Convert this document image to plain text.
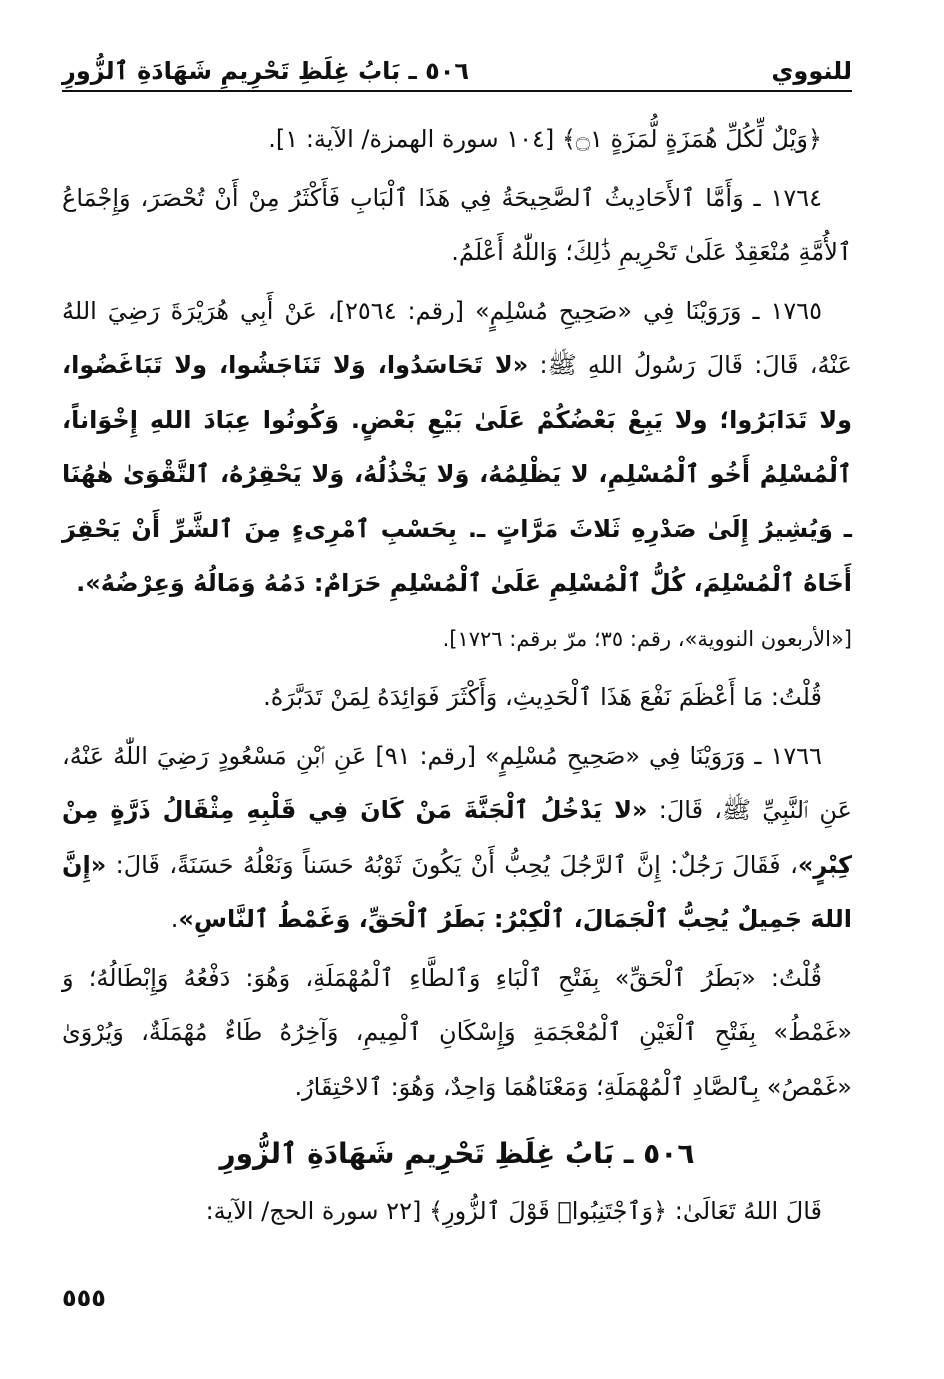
للنووي
٥٠٦ ـ بَابُ غِلَظِ تَحْرِيمِ شَهَادَةِ ٱلزُّورِ

﴿وَيْلٌ لِّكُلِّ هُمَزَةٍ لُّمَزَةٍ ۝١﴾ [١٠٤ سورة الهمزة/ الآية: ١].

١٧٦٤ ـ وَأَمَّا ٱلأَحَادِيثُ ٱلصَّحِيحَةُ فِي هَذَا ٱلْبَابِ فَأَكْثَرُ مِنْ أَنْ تُحْصَرَ، وَإِجْمَاعُ ٱلأُمَّةِ مُنْعَقِدٌ عَلَىٰ تَحْرِيمِ ذَٰلِكَ؛ وَاللّٰهُ أَعْلَمُ.

١٧٦٥ ـ وَرَوَيْنَا فِي «صَحِيحِ مُسْلِمٍ» [رقم: ٢٥٦٤]، عَنْ أَبِي هُرَيْرَةَ رَضِيَ اللهُ عَنْهُ، قَالَ: قَالَ رَسُولُ اللهِ ﷺ: «لا تَحَاسَدُوا، وَلا تَنَاجَشُوا، ولا تَبَاغَضُوا، ولا تَدَابَرُوا؛ ولا يَبِعْ بَعْضُكُمْ عَلَىٰ بَيْعِ بَعْضٍ. وَكُونُوا عِبَادَ اللهِ إِخْوَاناً، ٱلْمُسْلِمُ أَخُو ٱلْمُسْلِمِ، لا يَظْلِمُهُ، وَلا يَخْذُلُهُ، وَلا يَحْقِرُهُ، ٱلتَّقْوَىٰ هٰهُنَا ـ وَيُشِيرُ إِلَىٰ صَدْرِهِ ثَلاثَ مَرَّاتٍ ـ. بِحَسْبِ ٱمْرِىءٍ مِنَ ٱلشَّرِّ أَنْ يَحْقِرَ أَخَاهُ ٱلْمُسْلِمَ، كُلُّ ٱلْمُسْلِمِ عَلَىٰ ٱلْمُسْلِمِ حَرَامٌ: دَمُهُ وَمَالُهُ وَعِرْضُهُ».
[«الأربعون النووية»، رقم: ٣٥؛ مرّ برقم: ١٧٢٦].

قُلْتُ: مَا أَعْظَمَ نَفْعَ هَذَا ٱلْحَدِيثِ، وَأَكْثَرَ فَوَائِدَهُ لِمَنْ تَدَبَّرَهُ.

١٧٦٦ ـ وَرَوَيْنَا فِي «صَحِيحِ مُسْلِمٍ» [رقم: ٩١] عَنِ ٱبْنِ مَسْعُودٍ رَضِيَ اللّٰهُ عَنْهُ، عَنِ ٱلنَّبِيِّ ﷺ، قَالَ: «لا يَدْخُلُ ٱلْجَنَّةَ مَنْ كَانَ فِي قَلْبِهِ مِثْقَالُ ذَرَّةٍ مِنْ كِبْرٍ»، فَقَالَ رَجُلٌ: إِنَّ ٱلرَّجُلَ يُحِبُّ أَنْ يَكُونَ ثَوْبُهُ حَسَناً وَنَعْلُهُ حَسَنَةً، قَالَ: «إِنَّ اللهَ جَمِيلٌ يُحِبُّ ٱلْجَمَالَ، ٱلْكِبْرُ: بَطَرُ ٱلْحَقِّ، وَغَمْطُ ٱلنَّاسِ».

قُلْتُ: «بَطَرُ ٱلْحَقِّ» بِفَتْحِ ٱلْبَاءِ وَٱلطَّاءِ ٱلْمُهْمَلَةِ، وَهُوَ: دَفْعُهُ وَإِبْطَالُهُ؛ وَ «غَمْطُ» بِفَتْحِ ٱلْغَيْنِ ٱلْمُعْجَمَةِ وَإِسْكَانِ ٱلْمِيمِ، وَآخِرُهُ طَاءٌ مُهْمَلَةٌ، وَيُرْوَىٰ «غَمْصُ» بِٱلصَّادِ ٱلْمُهْمَلَةِ؛ وَمَعْنَاهُمَا وَاحِدٌ، وَهُوَ: ٱلاحْتِقَارُ.

٥٠٦ ـ بَابُ غِلَظِ تَحْرِيمِ شَهَادَةِ ٱلزُّورِ

قَالَ اللهُ تَعَالَىٰ: ﴿وَٱجْتَنِبُوا۟ قَوْلَ ٱلزُّورِ﴾ [٢٢ سورة الحج/ الآية:

٥٥٥
